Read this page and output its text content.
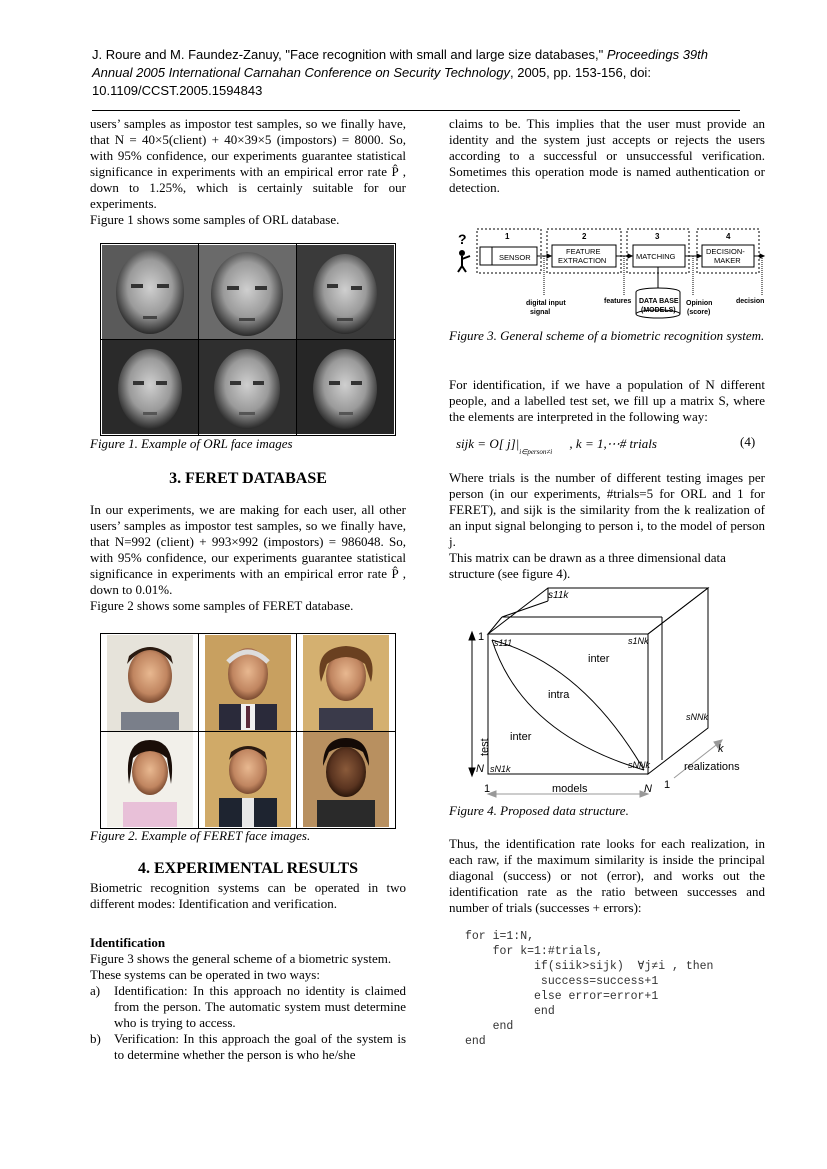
J. Roure and M. Faundez-Zanuy, "Face recognition with small and large size databases," Proceedings 39th
Annual 2005 International Carnahan Conference on Security Technology, 2005, pp. 153-156, doi:
10.1109/CCST.2005.1594843

users’ samples as impostor test samples, so we finally have, that N = 40×5(client) + 40×39×5 (impostors) = 8000. So, with 95% confidence, our experiments guarantee statistical significance in experiments with an empirical error rate P̂ , down to 1.25%, which is certainly suitable for our experiments.

Figure 1 shows some samples of ORL database.

Figure 1. Example of ORL face images

3. FERET DATABASE

In our experiments, we are making for each user, all other users’ samples as impostor test samples, so we finally have, that N=992 (client) + 993×992 (impostors) = 986048. So, with 95% confidence, our experiments guarantee statistical significance in experiments with an empirical error rate P̂ , down to 0.01%.

Figure 2 shows some samples of FERET database.

Figure 2. Example of FERET face images.

4. EXPERIMENTAL RESULTS

Biometric recognition systems can be operated in two different modes: Identification and verification.

Identification

Figure 3 shows the general scheme of a biometric system. These systems can be operated in two ways:

a) Identification: In this approach no identity is claimed from the person. The automatic system must determine who is trying to access.
b) Verification: In this approach the goal of the system is to determine whether the person is who he/she

claims to be. This implies that the user must provide an identity and the system just accepts or rejects the users according to a successful or unsuccessful verification. Sometimes this operation mode is named authentication or detection.

?	1	2	3	4
SENSOR
FEATURE
EXTRACTION	MATCHING
DECISION-
MAKER
DATA BASE
(MODELS)
digital input
signal
features	Opinion
(score)
decision

Figure 3. General scheme of a biometric recognition system.

For identification, if we have a population of N different people, and a labelled test set, we fill up a matrix S, where the elements are interpreted in the following way:

sijk = O[ $j]|_{i\in person\ne i}$ , k = 1,⋯# trials	(4)

Where trials is the number of different testing images per person (in our experiments, #trials=5 for ORL and 1 for FERET), and sijk is the similarity from the k realization of an input signal belonging to person i, to the model of person j.

This matrix can be drawn as a three dimensional data structure (see figure 4).

s11k
s111	s1Nk
inter
intra
sNNk
inter
test
N sN1k	sNNk
1
1	models	N
k
realizations
1

Figure 4. Proposed data structure.

Thus, the identification rate looks for each realization, in each raw, if the maximum similarity is inside the principal diagonal (success) or not (error), and works out the identification rate as the ratio between successes and number of trials (successes + errors):

for i=1:N,
for k=1:#trials,
if(siik>sijk)  ∀j≠i , then
success=success+1
else error=error+1
end
end
end
